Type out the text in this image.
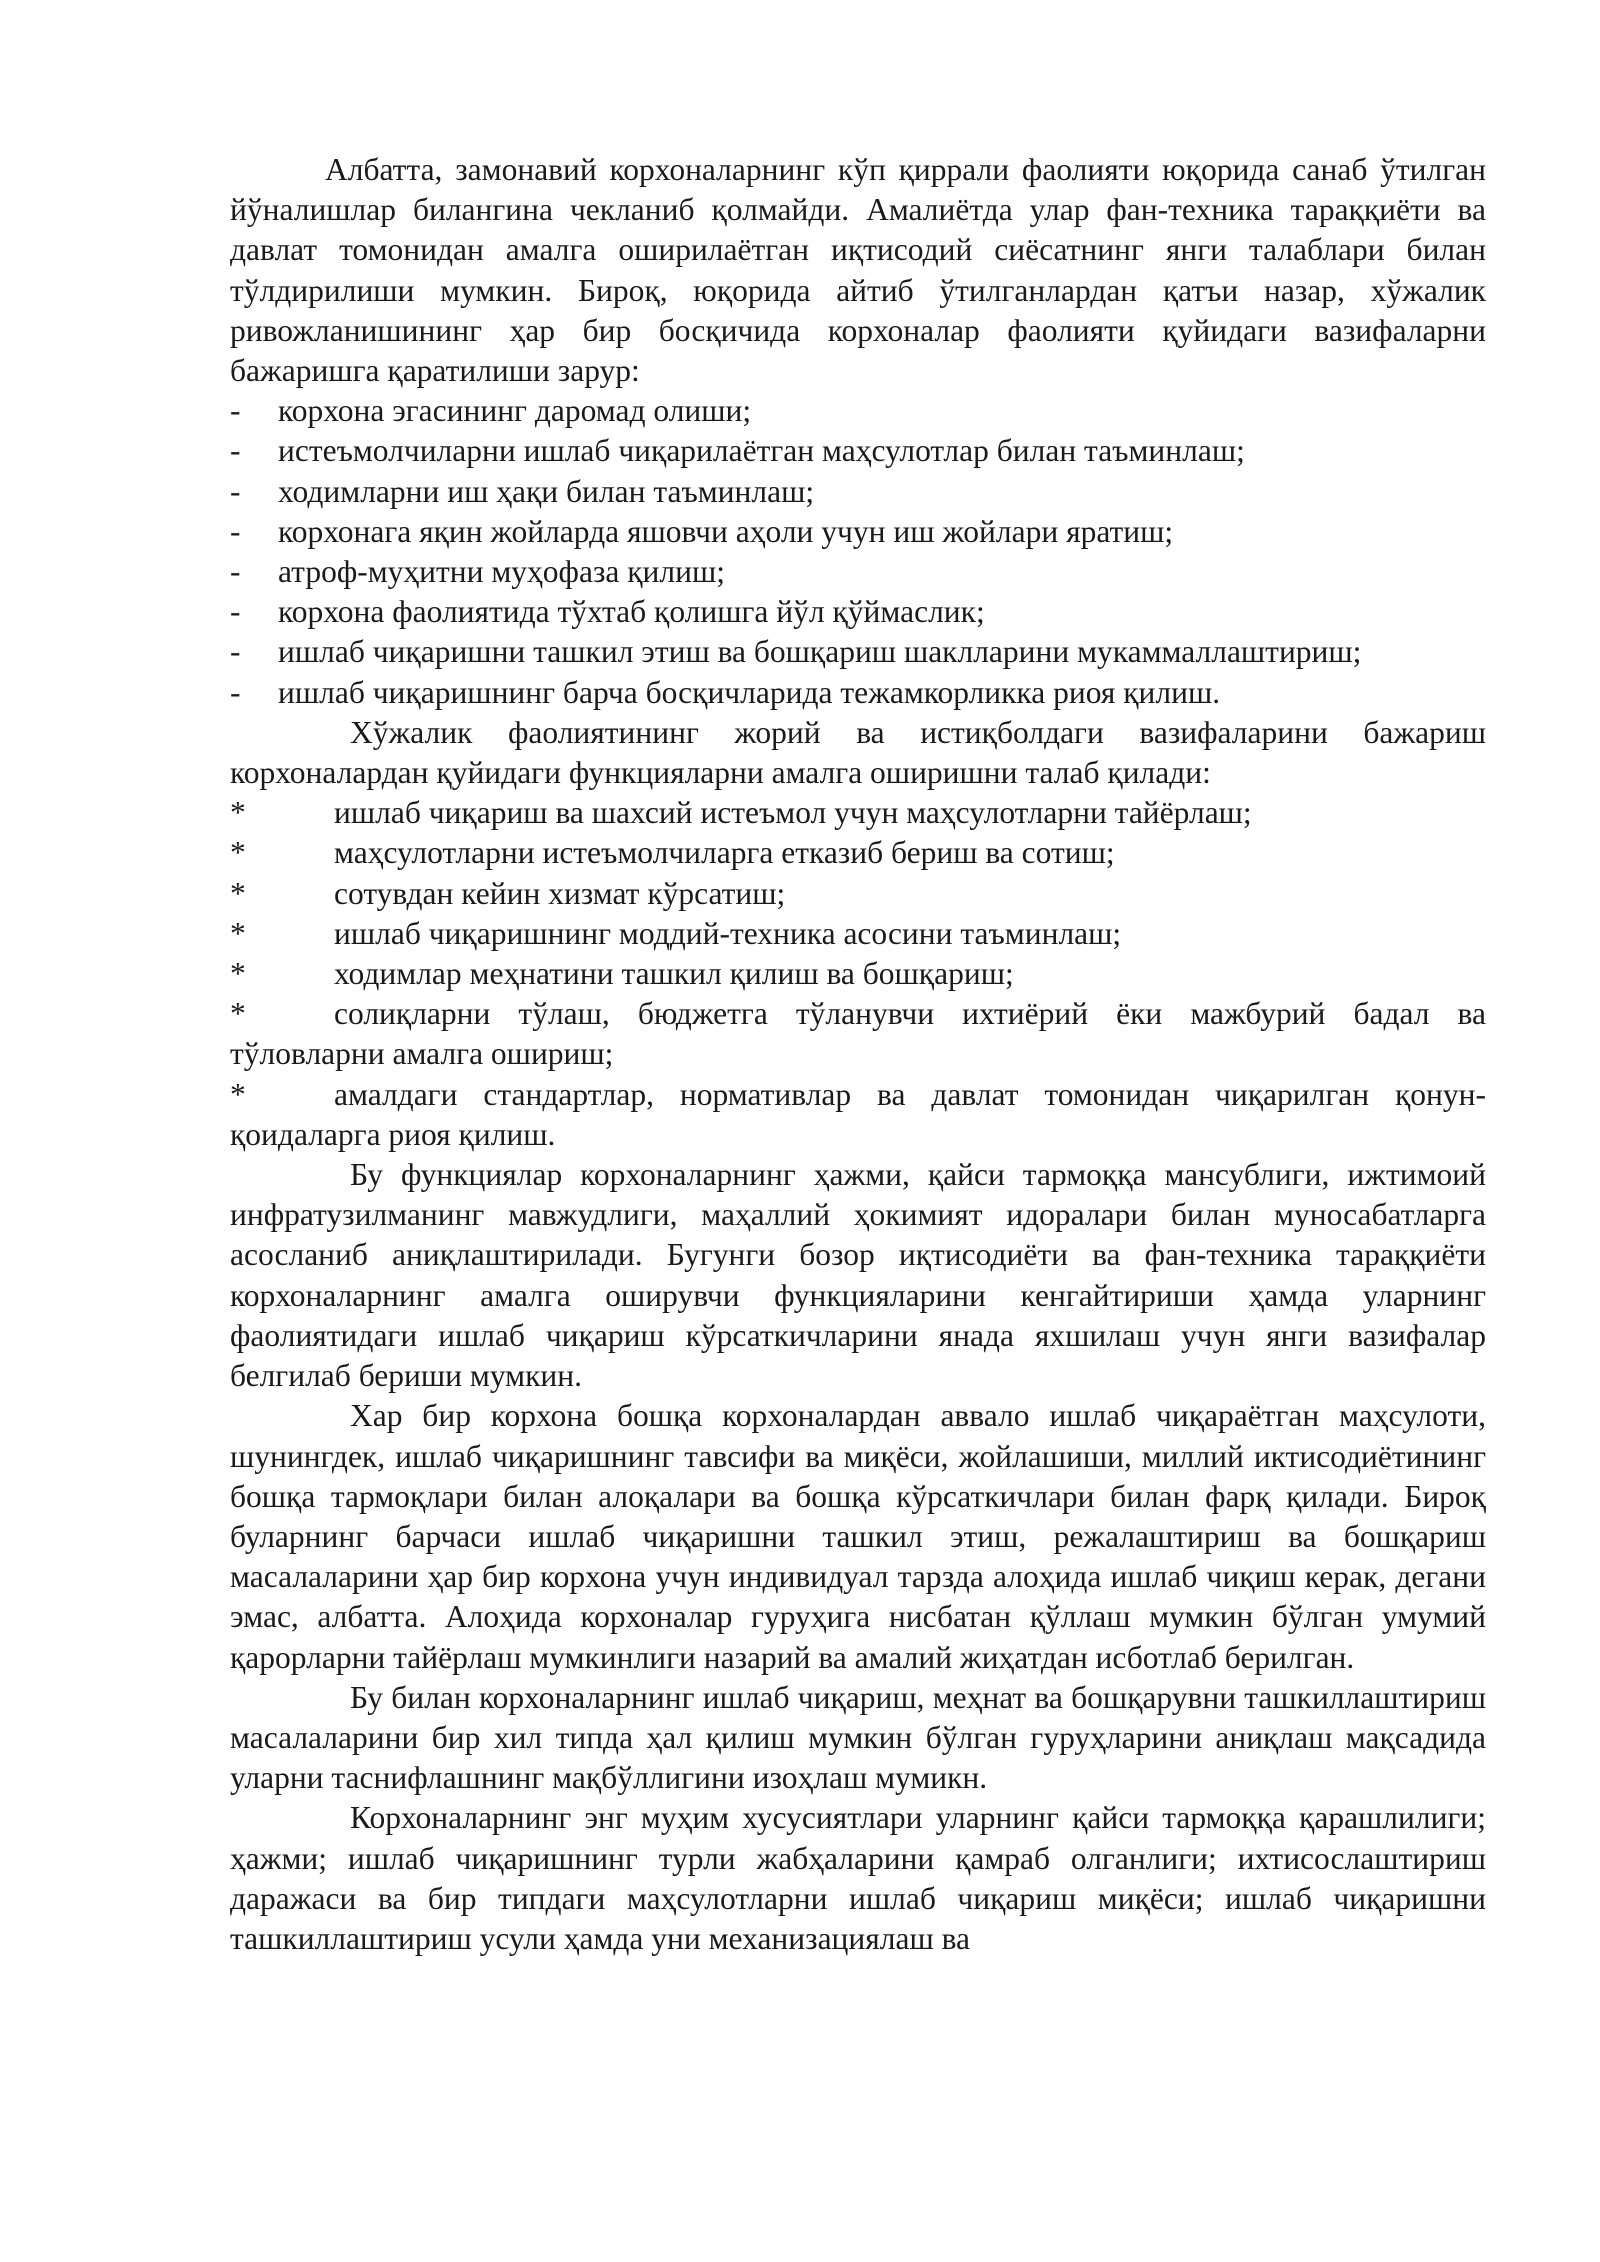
Албатта, замонавий корхоналарнинг кўп қиррали фаолияти юқорида санаб ўтилган йўналишлар билангина чекланиб қолмайди. Амалиётда улар фан-техника тараққиёти ва давлат томонидан амалга оширилаётган иқтисодий сиёсатнинг янги талаблари билан тўлдирилиши мумкин. Бироқ, юқорида айтиб ўтилганлардан қатъи назар, хўжалик ривожланишининг ҳар бир босқичида корхоналар фаолияти қуйидаги вазифаларни бажаришга қаратилиши зарур:

- корхона эгасининг даромад олиши;
- истеъмолчиларни ишлаб чиқарилаётган маҳсулотлар билан таъминлаш;
- ходимларни иш ҳақи билан таъминлаш;
- корхонага яқин жойларда яшовчи аҳоли учун иш жойлари яратиш;
- атроф-муҳитни муҳофаза қилиш;
- корхона фаолиятида тўхтаб қолишга йўл қўймаслик;
- ишлаб чиқаришни ташкил этиш ва бошқариш шаклларини мукаммаллаштириш;
- ишлаб чиқаришнинг барча босқичларида тежамкорликка риоя қилиш.

Хўжалик фаолиятининг жорий ва истиқболдаги вазифаларини бажариш корхоналардан қуйидаги функцияларни амалга оширишни талаб қилади:

*	ишлаб чиқариш ва шахсий истеъмол учун маҳсулотларни тайёрлаш;
*	маҳсулотларни истеъмолчиларга етказиб бериш ва сотиш;
*	сотувдан кейин хизмат кўрсатиш;
*	ишлаб чиқаришнинг моддий-техника асосини таъминлаш;
*	ходимлар меҳнатини ташкил қилиш ва бошқариш;
*	солиқларни тўлаш, бюджетга тўланувчи ихтиёрий ёки мажбурий бадал ва тўловларни амалга ошириш;
*	амалдаги стандартлар, нормативлар ва давлат томонидан чиқарилган қонун-қоидаларга риоя қилиш.

Бу функциялар корхоналарнинг ҳажми, қайси тармоққа мансублиги, ижтимоий инфратузилманинг мавжудлиги, маҳаллий ҳокимият идоралари билан муносабатларга асосланиб аниқлаштирилади. Бугунги бозор иқтисодиёти ва фан-техника тараққиёти корхоналарнинг амалга оширувчи функцияларини кенгайтириши ҳамда уларнинг фаолиятидаги ишлаб чиқариш кўрсаткичларини янада яхшилаш учун янги вазифалар белгилаб бериши мумкин.

Хар бир корхона бошқа корхоналардан аввало ишлаб чиқараётган маҳсулоти, шунингдек, ишлаб чиқаришнинг тавсифи ва миқёси, жойлашиши, миллий иктисодиётининг бошқа тармоқлари билан алоқалари ва бошқа кўрсаткичлари билан фарқ қилади. Бироқ буларнинг барчаси ишлаб чиқаришни ташкил этиш, режалаштириш ва бошқариш масалаларини ҳар бир корхона учун индивидуал тарзда алоҳида ишлаб чиқиш керак, дегани эмас, албатта. Алоҳида корхоналар гуруҳига нисбатан қўллаш мумкин бўлган умумий қарорларни тайёрлаш мумкинлиги назарий ва амалий жиҳатдан исботлаб берилган.

Бу билан корхоналарнинг ишлаб чиқариш, меҳнат ва бошқарувни ташкиллаштириш масалаларини бир хил типда ҳал қилиш мумкин бўлган гуруҳларини аниқлаш мақсадида уларни таснифлашнинг мақбўллигини изоҳлаш мумикн.

Корхоналарнинг энг муҳим хусусиятлари уларнинг қайси тармоққа қарашлилиги; ҳажми; ишлаб чиқаришнинг турли жабҳаларини қамраб олганлиги; ихтисослаштириш даражаси ва бир типдаги маҳсулотларни ишлаб чиқариш миқёси; ишлаб чиқаришни ташкиллаштириш усули ҳамда уни механизациялаш ва
